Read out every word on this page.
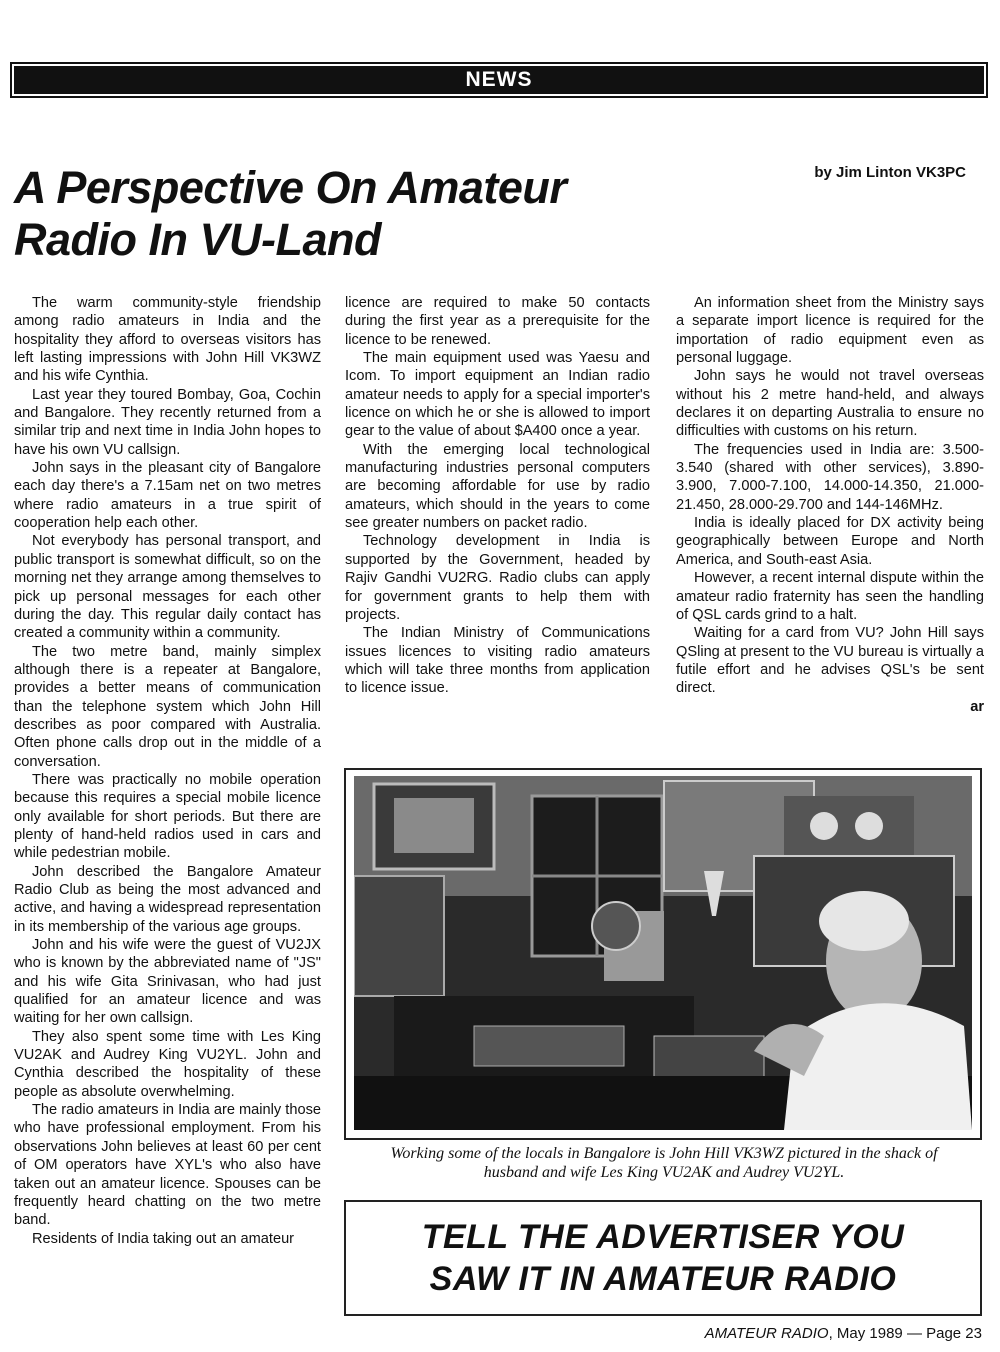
NEWS
A Perspective On Amateur
Radio In VU-Land

by Jim Linton VK3PC

The warm community-style friendship among radio amateurs in India and the hospitality they afford to overseas visitors has left lasting impressions with John Hill VK3WZ and his wife Cynthia.

Last year they toured Bombay, Goa, Cochin and Bangalore. They recently returned from a similar trip and next time in India John hopes to have his own VU callsign.

John says in the pleasant city of Bangalore each day there's a 7.15am net on two metres where radio amateurs in a true spirit of cooperation help each other.

Not everybody has personal transport, and public transport is somewhat difficult, so on the morning net they arrange among themselves to pick up personal messages for each other during the day. This regular daily contact has created a community within a community.

The two metre band, mainly simplex although there is a repeater at Bangalore, provides a better means of communication than the telephone system which John Hill describes as poor compared with Australia. Often phone calls drop out in the middle of a conversation.

There was practically no mobile operation because this requires a special mobile licence only available for short periods. But there are plenty of hand-held radios used in cars and while pedestrian mobile.

John described the Bangalore Amateur Radio Club as being the most advanced and active, and having a widespread representation in its membership of the various age groups.

John and his wife were the guest of VU2JX who is known by the abbreviated name of "JS" and his wife Gita Srinivasan, who had just qualified for an amateur licence and was waiting for her own callsign.

They also spent some time with Les King VU2AK and Audrey King VU2YL. John and Cynthia described the hospitality of these people as absolute overwhelming.

The radio amateurs in India are mainly those who have professional employment. From his observations John believes at least 60 per cent of OM operators have XYL's who also have taken out an amateur licence. Spouses can be frequently heard chatting on the two metre band.

Residents of India taking out an amateur

licence are required to make 50 contacts during the first year as a prerequisite for the licence to be renewed.

The main equipment used was Yaesu and Icom. To import equipment an Indian radio amateur needs to apply for a special importer's licence on which he or she is allowed to import gear to the value of about $A400 once a year.

With the emerging local technological manufacturing industries personal computers are becoming affordable for use by radio amateurs, which should in the years to come see greater numbers on packet radio.

Technology development in India is supported by the Government, headed by Rajiv Gandhi VU2RG. Radio clubs can apply for government grants to help them with projects.

The Indian Ministry of Communications issues licences to visiting radio amateurs which will take three months from application to licence issue.

An information sheet from the Ministry says a separate import licence is required for the importation of radio equipment even as personal luggage.

John says he would not travel overseas without his 2 metre hand-held, and always declares it on departing Australia to ensure no difficulties with customs on his return.

The frequencies used in India are: 3.500-3.540 (shared with other services), 3.890-3.900, 7.000-7.100, 14.000-14.350, 21.000-21.450, 28.000-29.700 and 144-146MHz.

India is ideally placed for DX activity being geographically between Europe and North America, and South-east Asia.

However, a recent internal dispute within the amateur radio fraternity has seen the handling of QSL cards grind to a halt.

Waiting for a card from VU? John Hill says QSling at present to the VU bureau is virtually a futile effort and he advises QSL's be sent direct.

ar

Working some of the locals in Bangalore is John Hill VK3WZ pictured in the shack of
husband and wife Les King VU2AK and Audrey VU2YL.

TELL THE ADVERTISER YOU
SAW IT IN AMATEUR RADIO

AMATEUR RADIO, May 1989 — Page 23
